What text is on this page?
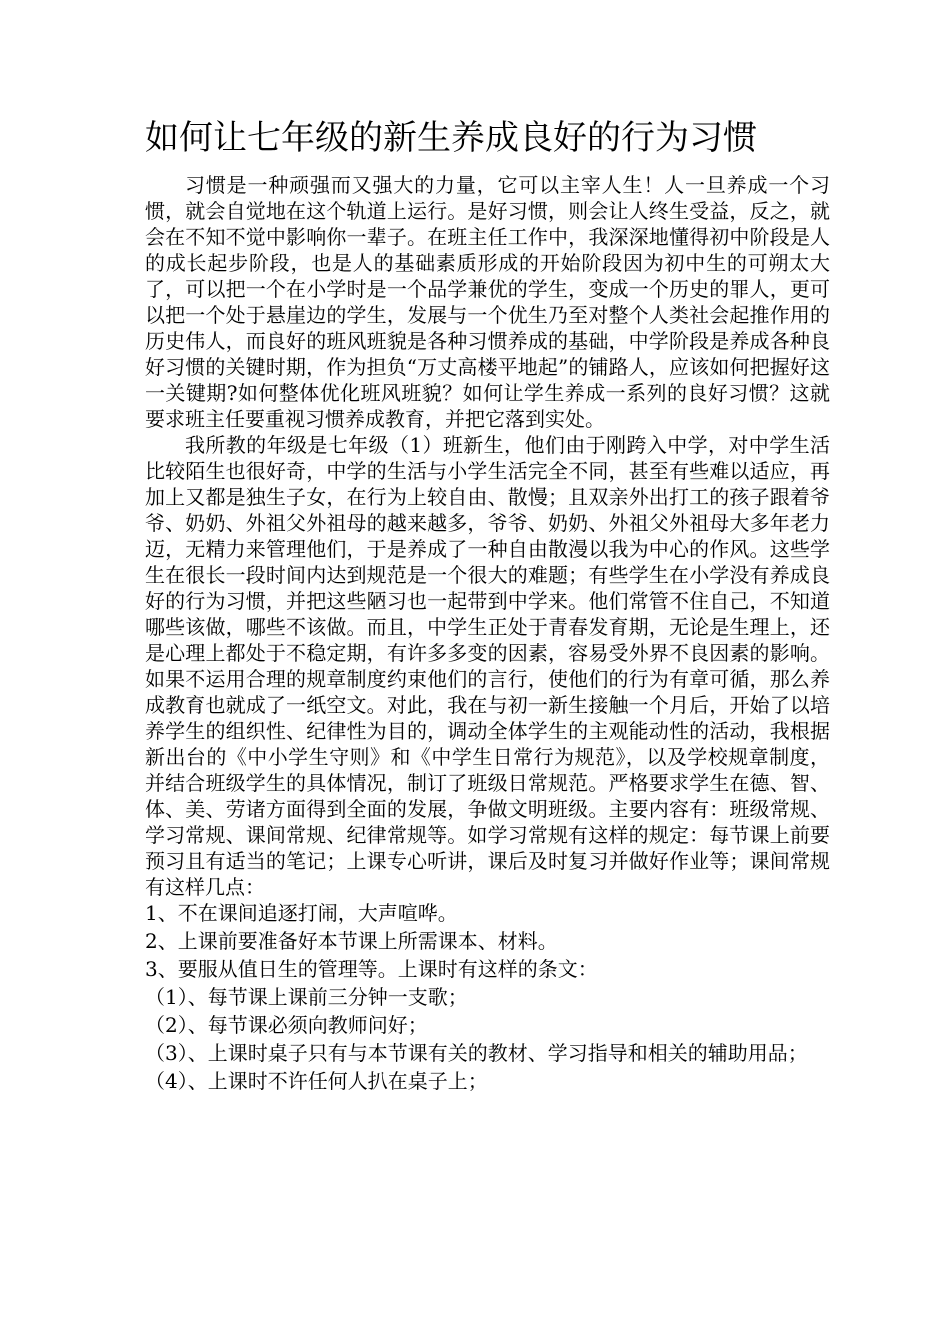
如何让七年级的新生养成良好的行为习惯

习惯是一种顽强而又强大的力量，它可以主宰人生！人一旦养成一个习惯，就会自觉地在这个轨道上运行。是好习惯，则会让人终生受益，反之，就会在不知不觉中影响你一辈子。在班主任工作中，我深深地懂得初中阶段是人的成长起步阶段，也是人的基础素质形成的开始阶段因为初中生的可朔太大了，可以把一个在小学时是一个品学兼优的学生，变成一个历史的罪人，更可以把一个处于悬崖边的学生，发展与一个优生乃至对整个人类社会起推作用的历史伟人，而良好的班风班貌是各种习惯养成的基础，中学阶段是养成各种良好习惯的关键时期，作为担负“万丈高楼平地起”的铺路人，应该如何把握好这一关键期?如何整体优化班风班貌？如何让学生养成一系列的良好习惯？这就要求班主任要重视习惯养成教育，并把它落到实处。

我所教的年级是七年级（1）班新生，他们由于刚跨入中学，对中学生活比较陌生也很好奇，中学的生活与小学生活完全不同，甚至有些难以适应，再加上又都是独生子女，在行为上较自由、散慢；且双亲外出打工的孩子跟着爷爷、奶奶、外祖父外祖母的越来越多，爷爷、奶奶、外祖父外祖母大多年老力迈，无精力来管理他们，于是养成了一种自由散漫以我为中心的作风。这些学生在很长一段时间内达到规范是一个很大的难题；有些学生在小学没有养成良好的行为习惯，并把这些陋习也一起带到中学来。他们常管不住自己，不知道哪些该做，哪些不该做。而且，中学生正处于青春发育期，无论是生理上，还是心理上都处于不稳定期，有许多多变的因素，容易受外界不良因素的影响。如果不运用合理的规章制度约束他们的言行，使他们的行为有章可循，那么养成教育也就成了一纸空文。对此，我在与初一新生接触一个月后，开始了以培养学生的组织性、纪律性为目的，调动全体学生的主观能动性的活动，我根据新出台的《中小学生守则》和《中学生日常行为规范》，以及学校规章制度，并结合班级学生的具体情况，制订了班级日常规范。严格要求学生在德、智、体、美、劳诸方面得到全面的发展，争做文明班级。主要内容有：班级常规、学习常规、课间常规、纪律常规等。如学习常规有这样的规定：每节课上前要预习且有适当的笔记；上课专心听讲，课后及时复习并做好作业等；课间常规有这样几点：

1、不在课间追逐打闹，大声喧哗。

2、上课前要准备好本节课上所需课本、材料。

3、要服从值日生的管理等。上课时有这样的条文：

（1）、每节课上课前三分钟一支歌；

（2）、每节课必须向教师问好；

（3）、上课时桌子只有与本节课有关的教材、学习指导和相关的辅助用品；

（4）、上课时不许任何人扒在桌子上；
